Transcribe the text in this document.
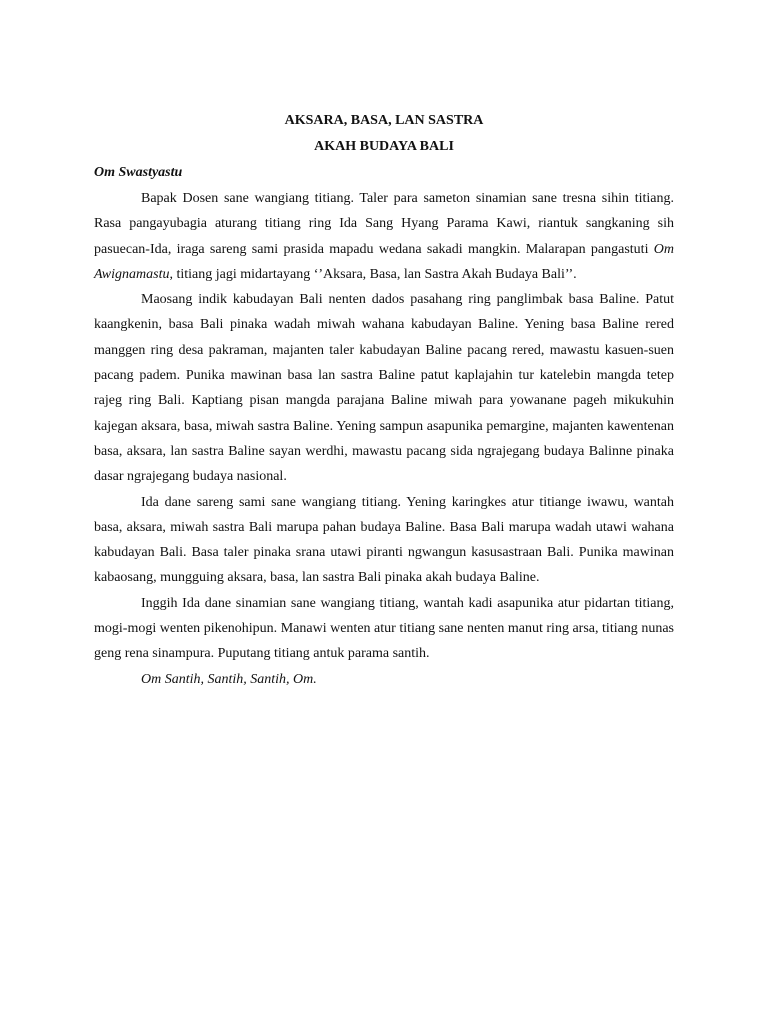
AKSARA, BASA, LAN SASTRA

AKAH BUDAYA BALI

Om Swastyastu

Bapak Dosen sane wangiang titiang. Taler para sameton sinamian sane tresna sihin titiang. Rasa pangayubagia aturang titiang ring Ida Sang Hyang Parama Kawi, riantuk sangkaning sih pasuecan-Ida, iraga sareng sami prasida mapadu wedana sakadi mangkin. Malarapan pangastuti Om Awignamastu, titiang jagi midartayang ‘’Aksara, Basa, lan Sastra Akah Budaya Bali’’.

Maosang indik kabudayan Bali nenten dados pasahang ring panglimbak basa Baline. Patut kaangkenin, basa Bali pinaka wadah miwah wahana kabudayan Baline. Yening basa Baline rered manggen ring desa pakraman, majanten taler kabudayan Baline pacang rered, mawastu kasuen-suen pacang padem. Punika mawinan basa lan sastra Baline patut kaplajahin tur katelebin mangda tetep rajeg ring Bali. Kaptiang pisan mangda parajana Baline miwah para yowanane pageh mikukuhin kajegan aksara, basa, miwah sastra Baline. Yening sampun asapunika pemargine, majanten kawentenan basa, aksara, lan sastra Baline sayan werdhi, mawastu pacang sida ngrajegang budaya Balinne pinaka dasar ngrajegang budaya nasional.

Ida dane sareng sami sane wangiang titiang. Yening karingkes atur titiange iwawu, wantah basa, aksara, miwah sastra Bali marupa pahan budaya Baline. Basa Bali marupa wadah utawi wahana kabudayan Bali. Basa taler pinaka srana utawi piranti ngwangun kasusastraan Bali. Punika mawinan kabaosang, mungguing aksara, basa, lan sastra Bali pinaka akah budaya Baline.

Inggih Ida dane sinamian sane wangiang titiang, wantah kadi asapunika atur pidartan titiang, mogi-mogi wenten pikenohipun. Manawi wenten atur titiang sane nenten manut ring arsa, titiang nunas geng rena sinampura. Puputang titiang antuk parama santih.

Om Santih, Santih, Santih, Om.
